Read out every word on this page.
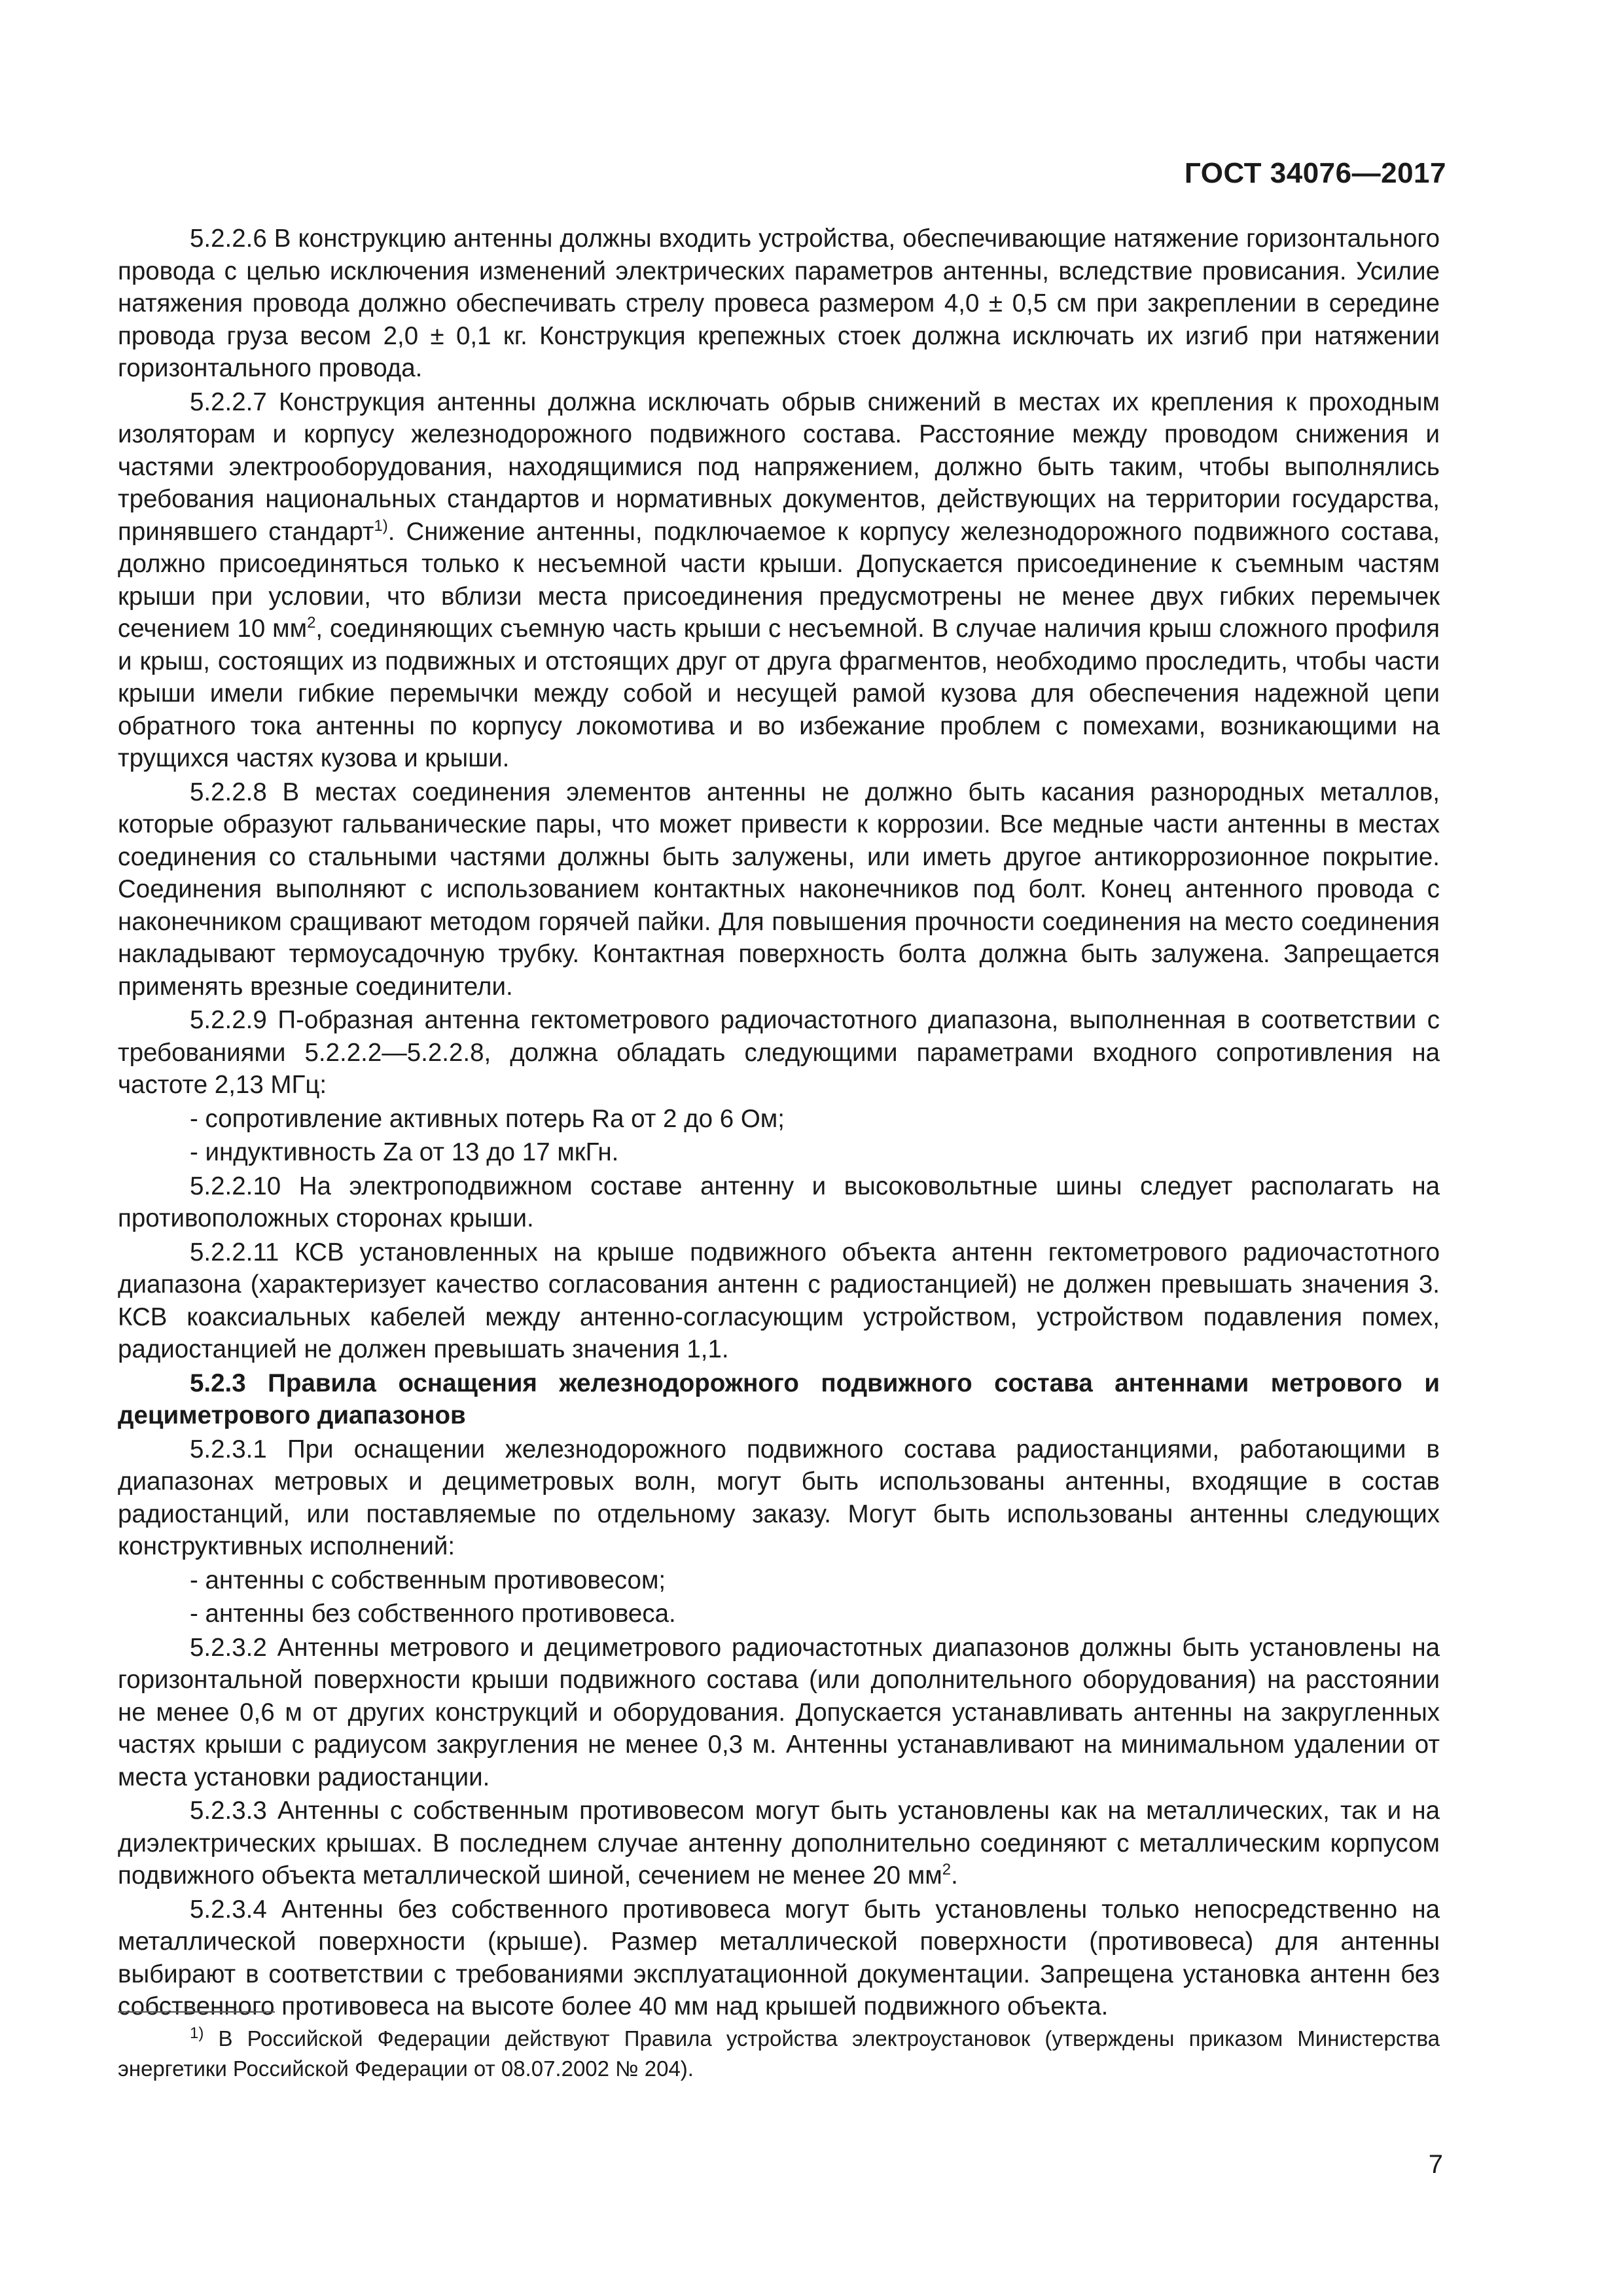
ГОСТ 34076—2017

5.2.2.6 В конструкцию антенны должны входить устройства, обеспечивающие натяжение горизонтального провода с целью исключения изменений электрических параметров антенны, вследствие провисания. Усилие натяжения провода должно обеспечивать стрелу провеса размером 4,0 ± 0,5 см при закреплении в середине провода груза весом 2,0 ± 0,1 кг. Конструкция крепежных стоек должна исключать их изгиб при натяжении горизонтального провода.

5.2.2.7 Конструкция антенны должна исключать обрыв снижений в местах их крепления к проходным изоляторам и корпусу железнодорожного подвижного состава. Расстояние между проводом снижения и частями электрооборудования, находящимися под напряжением, должно быть таким, чтобы выполнялись требования национальных стандартов и нормативных документов, действующих на территории государства, принявшего стандарт$^{1)}$. Снижение антенны, подключаемое к корпусу железнодорожного подвижного состава, должно присоединяться только к несъемной части крыши. Допускается присоединение к съемным частям крыши при условии, что вблизи места присоединения предусмотрены не менее двух гибких перемычек сечением 10 $мм^2$, соединяющих съемную часть крыши с несъемной. В случае наличия крыш сложного профиля и крыш, состоящих из подвижных и отстоящих друг от друга фрагментов, необходимо проследить, чтобы части крыши имели гибкие перемычки между собой и несущей рамой кузова для обеспечения надежной цепи обратного тока антенны по корпусу локомотива и во избежание проблем с помехами, возникающими на трущихся частях кузова и крыши.

5.2.2.8 В местах соединения элементов антенны не должно быть касания разнородных металлов, которые образуют гальванические пары, что может привести к коррозии. Все медные части антенны в местах соединения со стальными частями должны быть залужены, или иметь другое антикоррозионное покрытие. Соединения выполняют с использованием контактных наконечников под болт. Конец антенного провода с наконечником сращивают методом горячей пайки. Для повышения прочности соединения на место соединения накладывают термоусадочную трубку. Контактная поверхность болта должна быть залужена. Запрещается применять врезные соединители.

5.2.2.9 П-образная антенна гектометрового радиочастотного диапазона, выполненная в соответствии с требованиями 5.2.2.2—5.2.2.8, должна обладать следующими параметрами входного сопротивления на частоте 2,13 МГц:

- сопротивление активных потерь Ra от 2 до 6 Ом;

- индуктивность Za от 13 до 17 мкГн.

5.2.2.10 На электроподвижном составе антенну и высоковольтные шины следует располагать на противоположных сторонах крыши.

5.2.2.11 КСВ установленных на крыше подвижного объекта антенн гектометрового радиочастотного диапазона (характеризует качество согласования антенн с радиостанцией) не должен превышать значения 3. КСВ коаксиальных кабелей между антенно-согласующим устройством, устройством подавления помех, радиостанцией не должен превышать значения 1,1.

5.2.3 Правила оснащения железнодорожного подвижного состава антеннами метрового и дециметрового диапазонов

5.2.3.1 При оснащении железнодорожного подвижного состава радиостанциями, работающими в диапазонах метровых и дециметровых волн, могут быть использованы антенны, входящие в состав радиостанций, или поставляемые по отдельному заказу. Могут быть использованы антенны следующих конструктивных исполнений:

- антенны с собственным противовесом;

- антенны без собственного противовеса.

5.2.3.2 Антенны метрового и дециметрового радиочастотных диапазонов должны быть установлены на горизонтальной поверхности крыши подвижного состава (или дополнительного оборудования) на расстоянии не менее 0,6 м от других конструкций и оборудования. Допускается устанавливать антенны на закругленных частях крыши с радиусом закругления не менее 0,3 м. Антенны устанавливают на минимальном удалении от места установки радиостанции.

5.2.3.3 Антенны с собственным противовесом могут быть установлены как на металлических, так и на диэлектрических крышах. В последнем случае антенну дополнительно соединяют с металлическим корпусом подвижного объекта металлической шиной, сечением не менее 20 $мм^2$.

5.2.3.4 Антенны без собственного противовеса могут быть установлены только непосредственно на металлической поверхности (крыше). Размер металлической поверхности (противовеса) для антенны выбирают в соответствии с требованиями эксплуатационной документации. Запрещена установка антенн без собственного противовеса на высоте более 40 мм над крышей подвижного объекта.

$^{1)}$ В Российской Федерации действуют Правила устройства электроустановок (утверждены приказом Министерства энергетики Российской Федерации от 08.07.2002 № 204).
7
